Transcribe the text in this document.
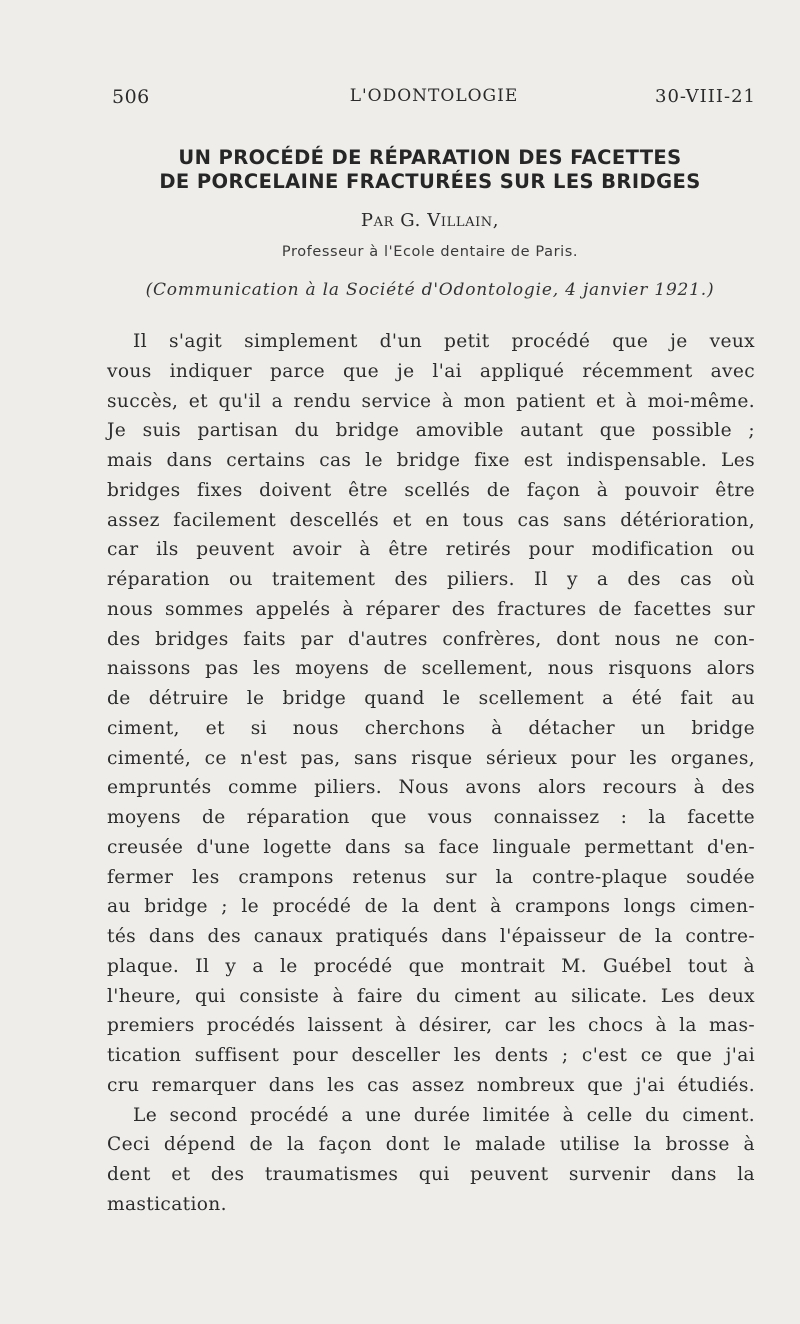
506	L'ODONTOLOGIE	30-VIII-21
UN PROCÉDÉ DE RÉPARATION DES FACETTES
DE PORCELAINE FRACTURÉES SUR LES BRIDGES
Par G. Villain,
Professeur à l'Ecole dentaire de Paris.
(Communication à la Société d'Odontologie, 4 janvier 1921.)
Il s'agit simplement d'un petit procédé que je veux
vous indiquer parce que je l'ai appliqué récemment avec
succès, et qu'il a rendu service à mon patient et à moi-même.
Je suis partisan du bridge amovible autant que possible ;
mais dans certains cas le bridge fixe est indispensable. Les
bridges fixes doivent être scellés de façon à pouvoir être
assez facilement descellés et en tous cas sans détérioration,
car ils peuvent avoir à être retirés pour modification ou
réparation ou traitement des piliers. Il y a des cas où
nous sommes appelés à réparer des fractures de facettes sur
des bridges faits par d'autres confrères, dont nous ne con-
naissons pas les moyens de scellement, nous risquons alors
de détruire le bridge quand le scellement a été fait au
ciment, et si nous cherchons à détacher un bridge
cimenté, ce n'est pas, sans risque sérieux pour les organes,
empruntés comme piliers. Nous avons alors recours à des
moyens de réparation que vous connaissez : la facette
creusée d'une logette dans sa face linguale permettant d'en-
fermer les crampons retenus sur la contre-plaque soudée
au bridge ; le procédé de la dent à crampons longs cimen-
tés dans des canaux pratiqués dans l'épaisseur de la contre-
plaque. Il y a le procédé que montrait M. Guébel tout à
l'heure, qui consiste à faire du ciment au silicate. Les deux
premiers procédés laissent à désirer, car les chocs à la mas-
tication suffisent pour desceller les dents ; c'est ce que j'ai
cru remarquer dans les cas assez nombreux que j'ai étudiés.
Le second procédé a une durée limitée à celle du ciment.
Ceci dépend de la façon dont le malade utilise la brosse à
dent et des traumatismes qui peuvent survenir dans la
mastication.
